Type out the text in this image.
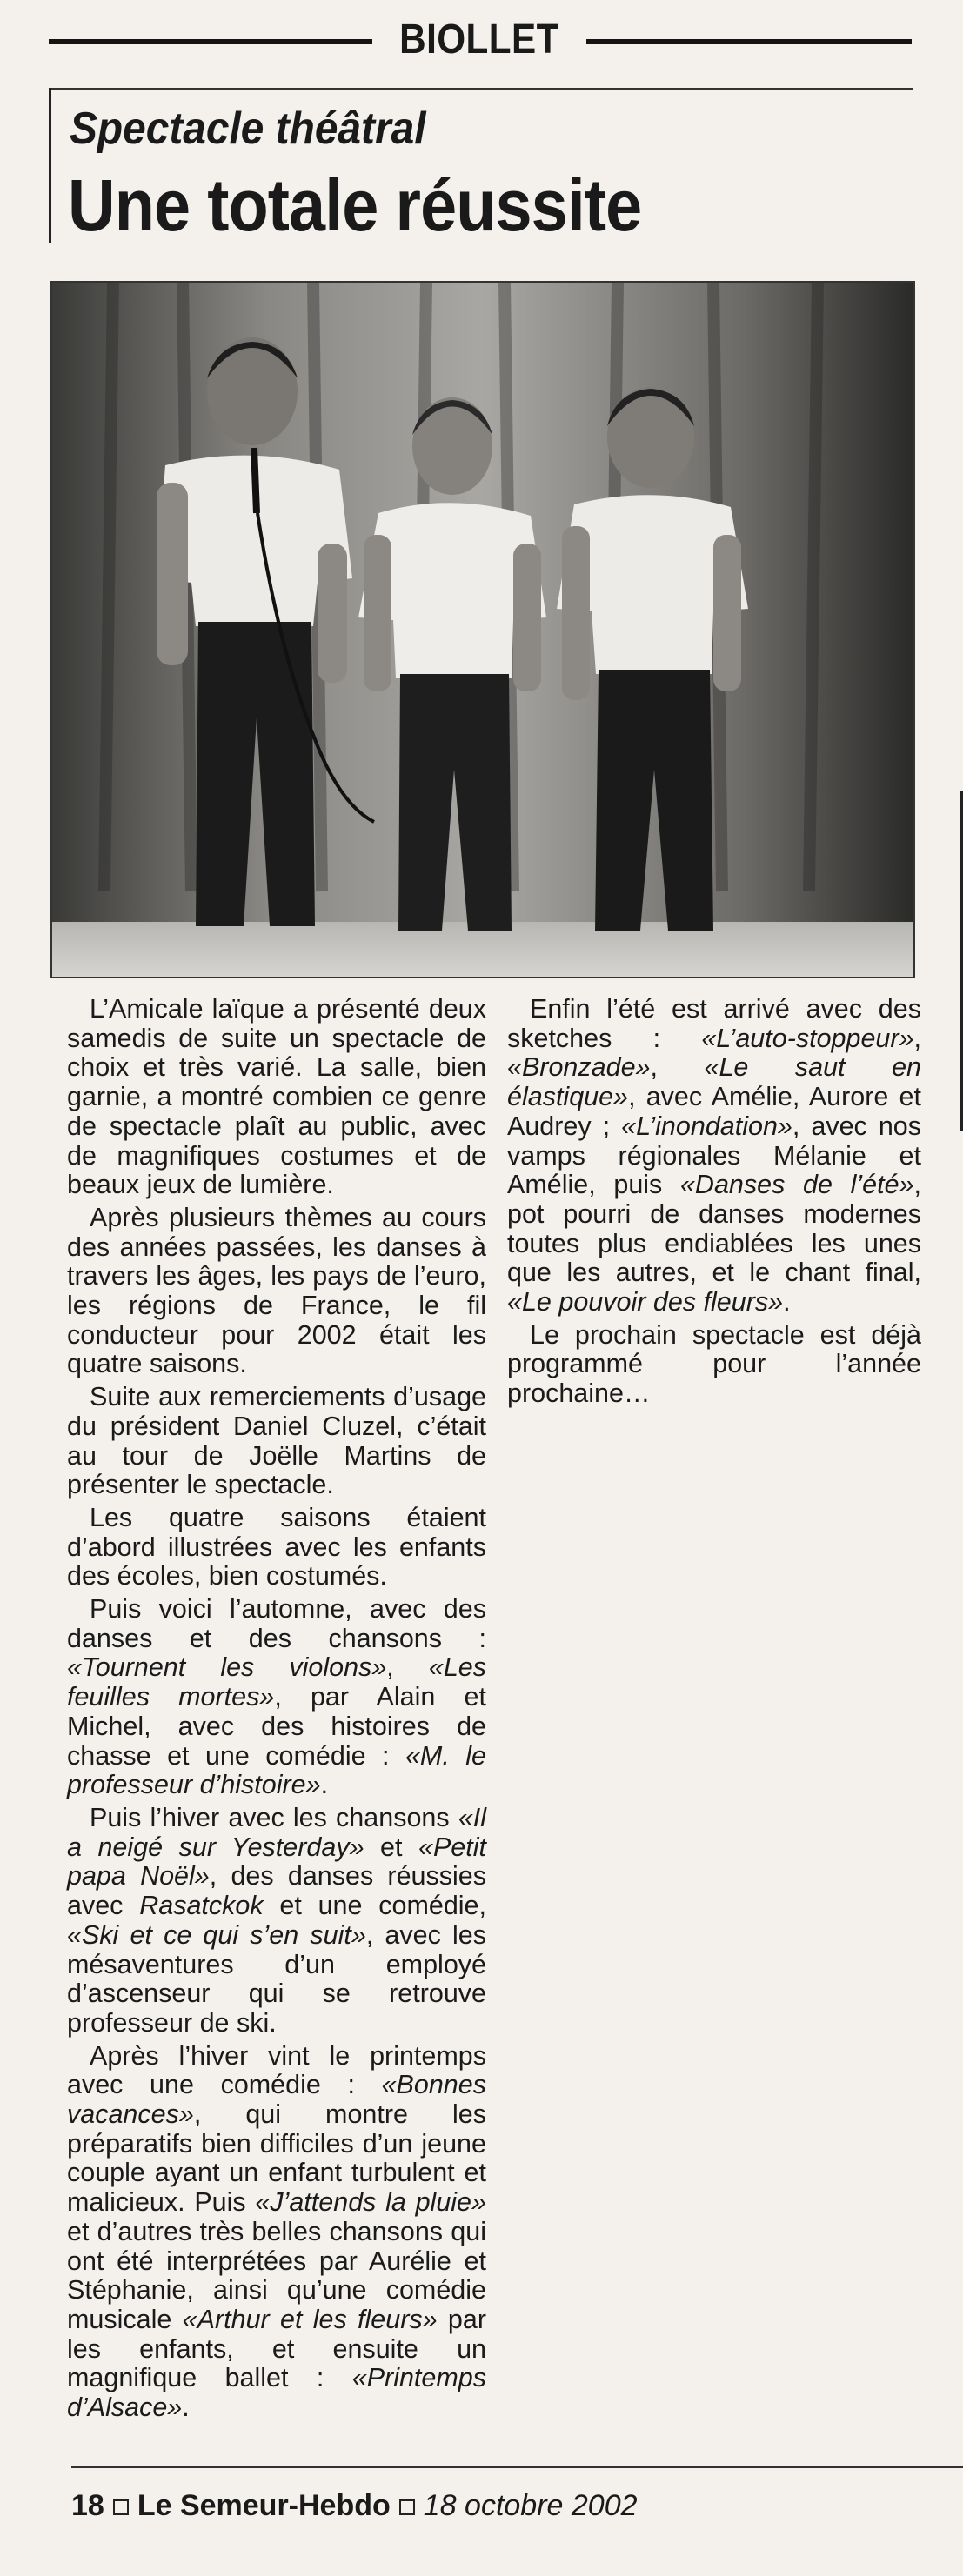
BIOLLET
Spectacle théâtral
Une totale réussite

L’Amicale laïque a présenté deux samedis de suite un spectacle de choix et très varié. La salle, bien garnie, a montré combien ce genre de spectacle plaît au public, avec de magnifiques costumes et de beaux jeux de lumière.

Après plusieurs thèmes au cours des années passées, les danses à travers les âges, les pays de l’euro, les régions de France, le fil conducteur pour 2002 était les quatre saisons.

Suite aux remerciements d’usage du président Daniel Cluzel, c’était au tour de Joëlle Martins de présenter le spectacle.

Les quatre saisons étaient d’abord illustrées avec les enfants des écoles, bien costumés.

Puis voici l’automne, avec des danses et des chansons : «Tournent les violons», «Les feuilles mortes», par Alain et Michel, avec des histoires de chasse et une comédie : «M. le professeur d’histoire».

Puis l’hiver avec les chansons «Il a neigé sur Yesterday» et «Petit papa Noël», des danses réussies avec Rasatckok et une comédie, «Ski et ce qui s’en suit», avec les mésaventures d’un employé d’ascenseur qui se retrouve professeur de ski.

Après l’hiver vint le printemps avec une comédie : «Bonnes vacances», qui montre les préparatifs bien difficiles d’un jeune couple ayant un enfant turbulent et malicieux. Puis «J’attends la pluie» et d’autres très belles chansons qui ont été interprétées par Aurélie et Stéphanie, ainsi qu’une comédie musicale «Arthur et les fleurs» par les enfants, et ensuite un magnifique ballet : «Printemps d’Alsace».

Enfin l’été est arrivé avec des sketches : «L’auto-stoppeur», «Bronzade», «Le saut en élastique», avec Amélie, Aurore et Audrey ; «L’inondation», avec nos vamps régionales Mélanie et Amélie, puis «Danses de l’été», pot pourri de danses modernes toutes plus endiablées les unes que les autres, et le chant final, «Le pouvoir des fleurs».

Le prochain spectacle est déjà programmé pour l’année prochaine…

18 Le Semeur-Hebdo 18 octobre 2002
